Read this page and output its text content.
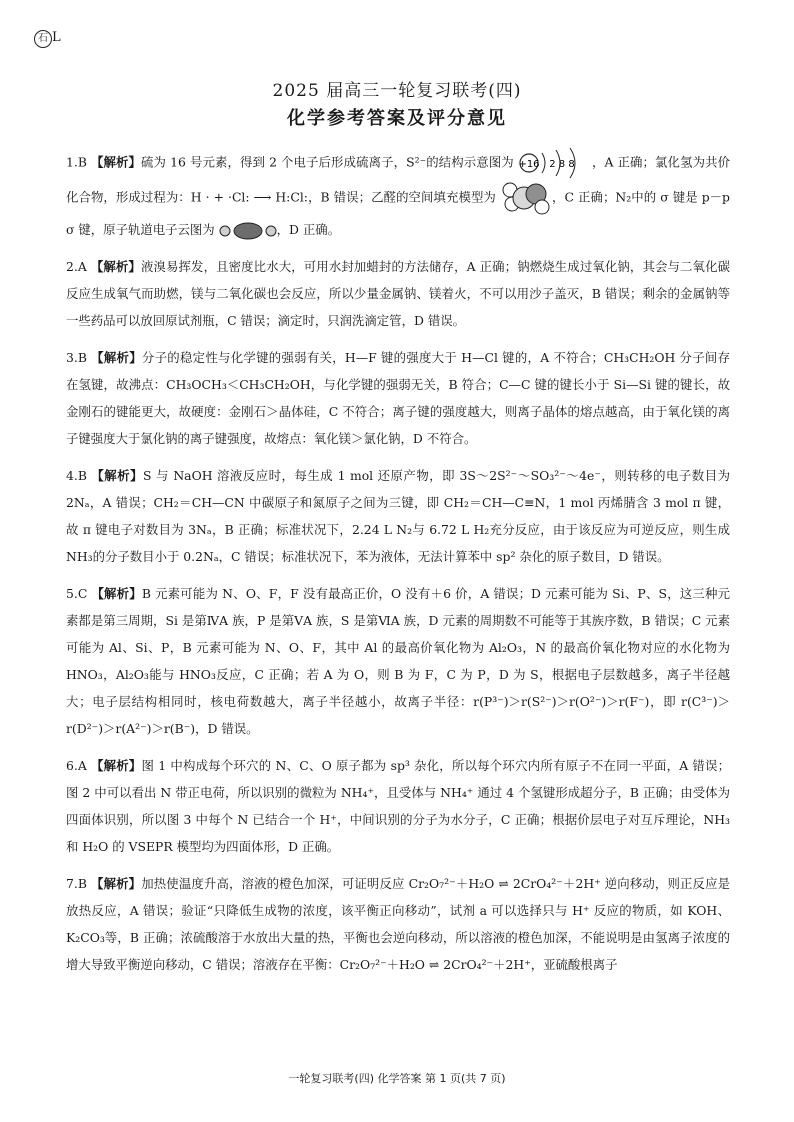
石 L
2025 届高三一轮复习联考(四)
化学参考答案及评分意见

1.B 【解析】硫为 16 号元素，得到 2 个电子后形成硫离子，S²⁻的结构示意图为 +16 2 8 8 ，A 正确；氯化氢为共价化合物，形成过程为：H · + ·Cl: ⟶ H:Cl:，B 错误；乙醛的空间填充模型为	，C 正确；N₂中的 σ 键是 p－p σ 键，原子轨道电子云图为	，D 正确。

2.A 【解析】液溴易挥发，且密度比水大，可用水封加蜡封的方法储存，A 正确；钠燃烧生成过氧化钠，其会与二氧化碳反应生成氧气而助燃，镁与二氧化碳也会反应，所以少量金属钠、镁着火，不可以用沙子盖灭，B 错误；剩余的金属钠等一些药品可以放回原试剂瓶，C 错误；滴定时，只润洗滴定管，D 错误。

3.B 【解析】分子的稳定性与化学键的强弱有关，H—F 键的强度大于 H—Cl 键的，A 不符合；CH₃CH₂OH 分子间存在氢键，故沸点：CH₃OCH₃＜CH₃CH₂OH，与化学键的强弱无关，B 符合；C—C 键的键长小于 Si—Si 键的键长，故金刚石的键能更大，故硬度：金刚石＞晶体硅，C 不符合；离子键的强度越大，则离子晶体的熔点越高，由于氧化镁的离子键强度大于氯化钠的离子键强度，故熔点：氧化镁＞氯化钠，D 不符合。

4.B 【解析】S 与 NaOH 溶液反应时，每生成 1 mol 还原产物，即 3S～2S²⁻～SO₃²⁻～4e⁻，则转移的电子数目为 2Nₐ，A 错误；CH₂＝CH—CN 中碳原子和氮原子之间为三键，即 CH₂＝CH—C≡N，1 mol 丙烯腈含 3 mol π 键，故 π 键电子对数目为 3Nₐ，B 正确；标准状况下，2.24 L N₂与 6.72 L H₂充分反应，由于该反应为可逆反应，则生成 NH₃的分子数目小于 0.2Nₐ，C 错误；标准状况下，苯为液体，无法计算苯中 sp² 杂化的原子数目，D 错误。

5.C 【解析】B 元素可能为 N、O、F，F 没有最高正价，O 没有＋6 价，A 错误；D 元素可能为 Si、P、S，这三种元素都是第三周期，Si 是第ⅣA 族，P 是第ⅤA 族，S 是第ⅥA 族，D 元素的周期数不可能等于其族序数，B 错误；C 元素可能为 Al、Si、P，B 元素可能为 N、O、F，其中 Al 的最高价氧化物为 Al₂O₃，N 的最高价氧化物对应的水化物为 HNO₃，Al₂O₃能与 HNO₃反应，C 正确；若 A 为 O，则 B 为 F，C 为 P，D 为 S，根据电子层数越多，离子半径越大；电子层结构相同时，核电荷数越大，离子半径越小，故离子半径：r(P³⁻)＞r(S²⁻)＞r(O²⁻)＞r(F⁻)，即 r(C³⁻)＞r(D²⁻)＞r(A²⁻)＞r(B⁻)，D 错误。

6.A 【解析】图 1 中构成每个环穴的 N、C、O 原子都为 sp³ 杂化，所以每个环穴内所有原子不在同一平面，A 错误；图 2 中可以看出 N 带正电荷，所以识别的微粒为 NH₄⁺，且受体与 NH₄⁺ 通过 4 个氢键形成超分子，B 正确；由受体为四面体识别，所以图 3 中每个 N 已结合一个 H⁺，中间识别的分子为水分子，C 正确；根据价层电子对互斥理论，NH₃和 H₂O 的 VSEPR 模型均为四面体形，D 正确。

7.B 【解析】加热使温度升高，溶液的橙色加深，可证明反应 Cr₂O₇²⁻＋H₂O ⇌ 2CrO₄²⁻＋2H⁺ 逆向移动，则正反应是放热反应，A 错误；验证“只降低生成物的浓度，该平衡正向移动”，试剂 a 可以选择只与 H⁺ 反应的物质，如 KOH、K₂CO₃等，B 正确；浓硫酸溶于水放出大量的热，平衡也会逆向移动，所以溶液的橙色加深，不能说明是由氢离子浓度的增大导致平衡逆向移动，C 错误；溶液存在平衡：Cr₂O₇²⁻＋H₂O ⇌ 2CrO₄²⁻＋2H⁺，亚硫酸根离子

一轮复习联考(四) 化学答案 第 1 页(共 7 页)
